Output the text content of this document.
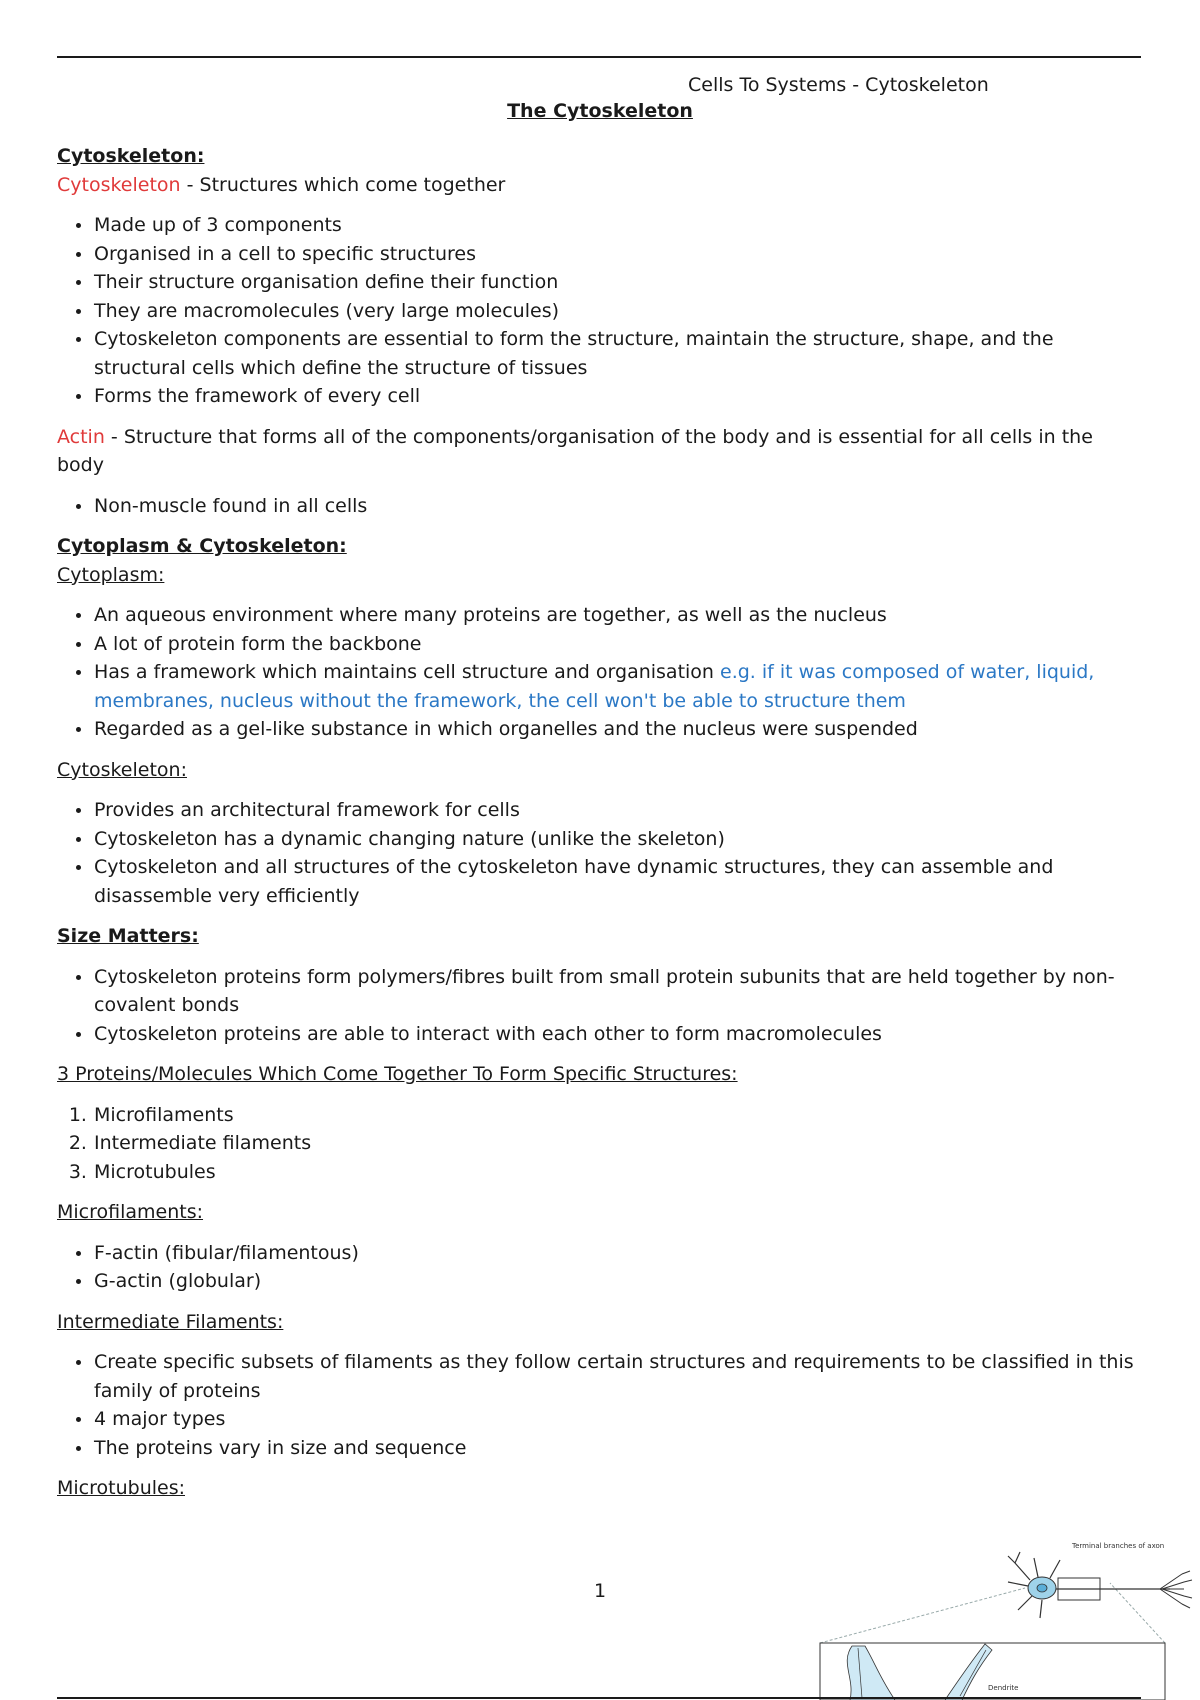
Cells To Systems - Cytoskeleton
The Cytoskeleton
Cytoskeleton:

Cytoskeleton - Structures which come together

• Made up of 3 components
• Organised in a cell to specific structures
• Their structure organisation define their function
• They are macromolecules (very large molecules)
• Cytoskeleton components are essential to form the structure, maintain the structure, shape, and the structural cells which define the structure of tissues
• Forms the framework of every cell

Actin - Structure that forms all of the components/organisation of the body and is essential for all cells in the body

• Non-muscle found in all cells
Cytoplasm & Cytoskeleton:
Cytoplasm:
• An aqueous environment where many proteins are together, as well as the nucleus
• A lot of protein form the backbone
• Has a framework which maintains cell structure and organisation e.g. if it was composed of water, liquid, membranes, nucleus without the framework, the cell won't be able to structure them
• Regarded as a gel-like substance in which organelles and the nucleus were suspended
Cytoskeleton:
• Provides an architectural framework for cells
• Cytoskeleton has a dynamic changing nature (unlike the skeleton)
• Cytoskeleton and all structures of the cytoskeleton have dynamic structures, they can assemble and disassemble very efficiently
Size Matters:
• Cytoskeleton proteins form polymers/fibres built from small protein subunits that are held together by non-covalent bonds
• Cytoskeleton proteins are able to interact with each other to form macromolecules
3 Proteins/Molecules Which Come Together To Form Specific Structures:
1. Microfilaments
2. Intermediate filaments
3. Microtubules
Microfilaments:
• F-actin (fibular/filamentous)
• G-actin (globular)
Intermediate Filaments:
• Create specific subsets of filaments as they follow certain structures and requirements to be classified in this family of proteins
• 4 major types
• The proteins vary in size and sequence
Microtubules:
1
Terminal branches of axon
Dendrite
